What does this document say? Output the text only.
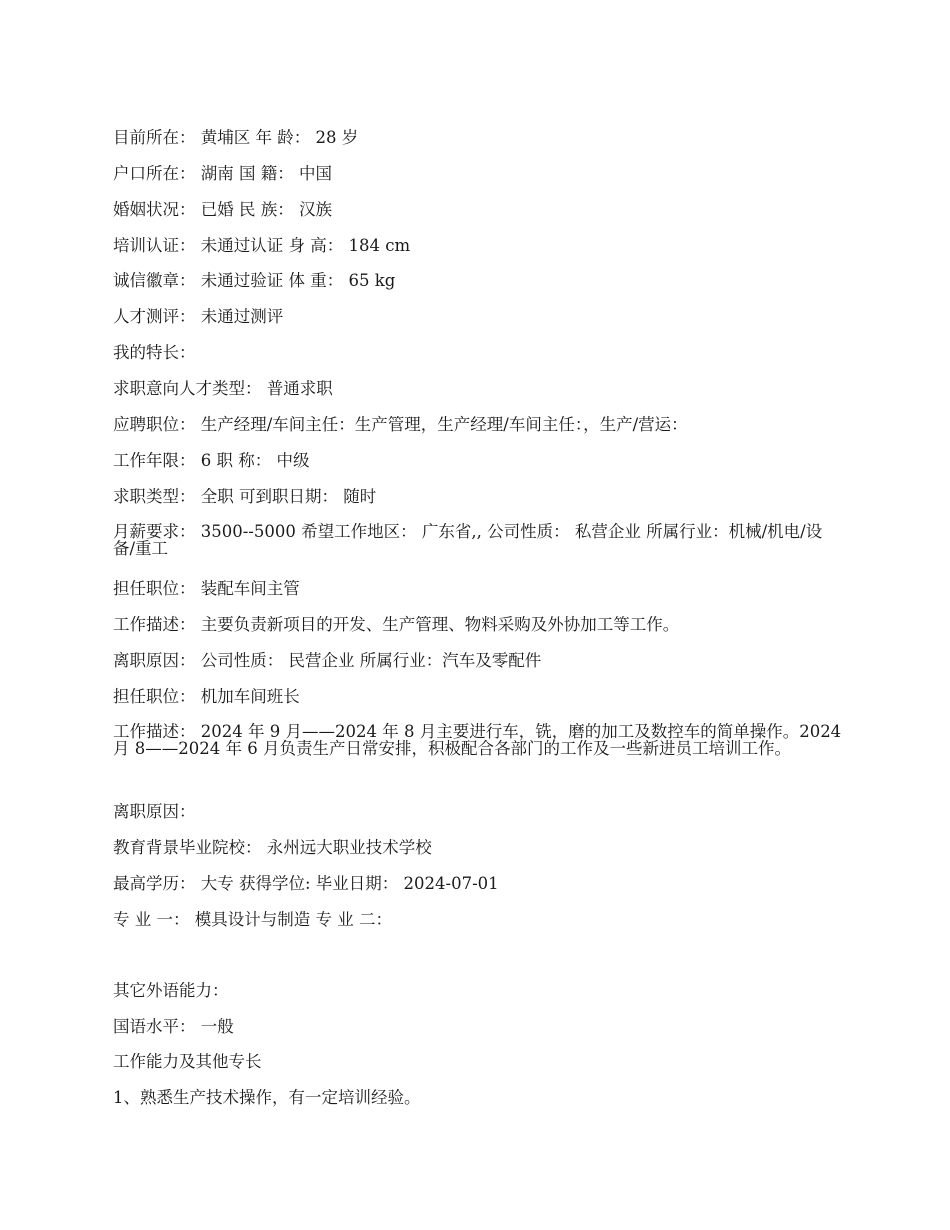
目前所在： 黄埔区 年 龄： 28 岁
户口所在： 湖南 国 籍： 中国
婚姻状况： 已婚 民 族： 汉族
培训认证： 未通过认证 身 高： 184 cm
诚信徽章： 未通过验证 体 重： 65 kg
人才测评： 未通过测评
我的特长：
求职意向人才类型： 普通求职
应聘职位： 生产经理/车间主任：生产管理，生产经理/车间主任：，生产/营运：
工作年限： 6 职 称： 中级
求职类型： 全职 可到职日期： 随时
月薪要求： 3500--5000 希望工作地区： 广东省,, 公司性质： 私营企业 所属行业：机械/机电/设备/重工
担任职位： 装配车间主管
工作描述： 主要负责新项目的开发、生产管理、物料采购及外协加工等工作。
离职原因： 公司性质： 民营企业 所属行业：汽车及零配件
担任职位： 机加车间班长
工作描述： 2024 年 9 月——2024 年 8 月主要进行车，铣，磨的加工及数控车的简单操作。2024 月 8——2024 年 6 月负责生产日常安排，积极配合各部门的工作及一些新进员工培训工作。
离职原因：
教育背景毕业院校： 永州远大职业技术学校
最高学历： 大专 获得学位: 毕业日期： 2024-07-01
专 业 一： 模具设计与制造 专 业 二：
其它外语能力：
国语水平： 一般
工作能力及其他专长
1、熟悉生产技术操作，有一定培训经验。
